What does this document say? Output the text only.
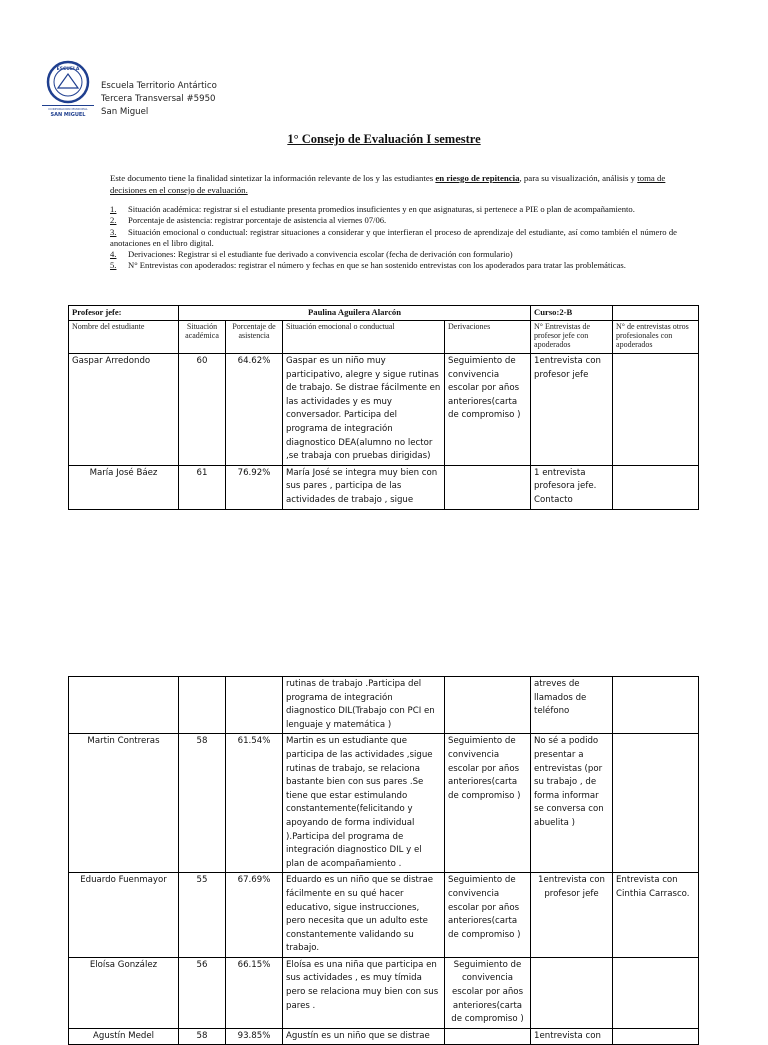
ESCUELA
CORPORACION MUNICIPAL
SAN MIGUEL
Escuela Territorio Antártico
Tercera Transversal #5950
San Miguel
1° Consejo de Evaluación I semestre
Este documento tiene la finalidad sintetizar la información relevante de los y las estudiantes en riesgo de repitencia, para su visualización, análisis y toma de decisiones en el consejo de evaluación.
1. Situación académica: registrar si el estudiante presenta promedios insuficientes y en que asignaturas, si pertenece a PIE o plan de acompañamiento.
2. Porcentaje de asistencia: registrar porcentaje de asistencia al viernes 07/06.
3. Situación emocional o conductual: registrar situaciones a considerar y que interfieran el proceso de aprendizaje del estudiante, así como también el número de anotaciones en el libro digital.
4. Derivaciones: Registrar si el estudiante fue derivado a convivencia escolar (fecha de derivación con formulario)
5. N° Entrevistas con apoderados: registrar el número y fechas en que se han sostenido entrevistas con los apoderados para tratar las problemáticas.
Profesor jefe:	Paulina Aguilera Alarcón				Curso:2-B	
Nombre del estudiante	Situación académica	Porcentaje de asistencia	Situación emocional o conductual	Derivaciones	N° Entrevistas de profesor jefe con apoderados	N° de entrevistas otros profesionales con apoderados
Gaspar Arredondo	60	64.62%	Gaspar es un niño muy participativo, alegre y sigue rutinas de trabajo. Se distrae fácilmente en las actividades y es muy conversador. Participa del programa de integración diagnostico DEA(alumno no lector ,se trabaja con pruebas dirigidas)	Seguimiento de convivencia escolar por años anteriores(carta de compromiso )	1entrevista con profesor jefe	
María José Báez	61	76.92%	María José se integra muy bien con sus pares , participa de las actividades de trabajo , sigue		1 entrevista profesora jefe. Contacto	
			rutinas de trabajo .Participa del programa de integración diagnostico DIL(Trabajo con PCI en lenguaje y matemática )		atreves de llamados de teléfono	
Martin Contreras	58	61.54%	Martin es un estudiante que participa de las actividades ,sigue rutinas de trabajo, se relaciona bastante bien con sus pares .Se tiene que estar estimulando constantemente(felicitando y apoyando de forma individual ).Participa del programa de integración diagnostico DIL y el plan de acompañamiento .	Seguimiento de convivencia escolar por años anteriores(carta de compromiso )	No sé a podido presentar a entrevistas (por su trabajo , de forma informar se conversa con abuelita )	
Eduardo Fuenmayor	55	67.69%	Eduardo es un niño que se distrae fácilmente en su qué hacer educativo, sigue instrucciones, pero necesita que un adulto este constantemente validando su trabajo.	Seguimiento de convivencia escolar por años anteriores(carta de compromiso )	1entrevista con profesor jefe	Entrevista con Cinthia Carrasco.
Eloísa González	56	66.15%	Eloísa es una niña que participa en sus actividades , es muy tímida pero se relaciona muy bien con sus pares .	Seguimiento de convivencia escolar por años anteriores(carta de compromiso )		
Agustín Medel	58	93.85%	Agustín es un niño que se distrae		1entrevista con	
